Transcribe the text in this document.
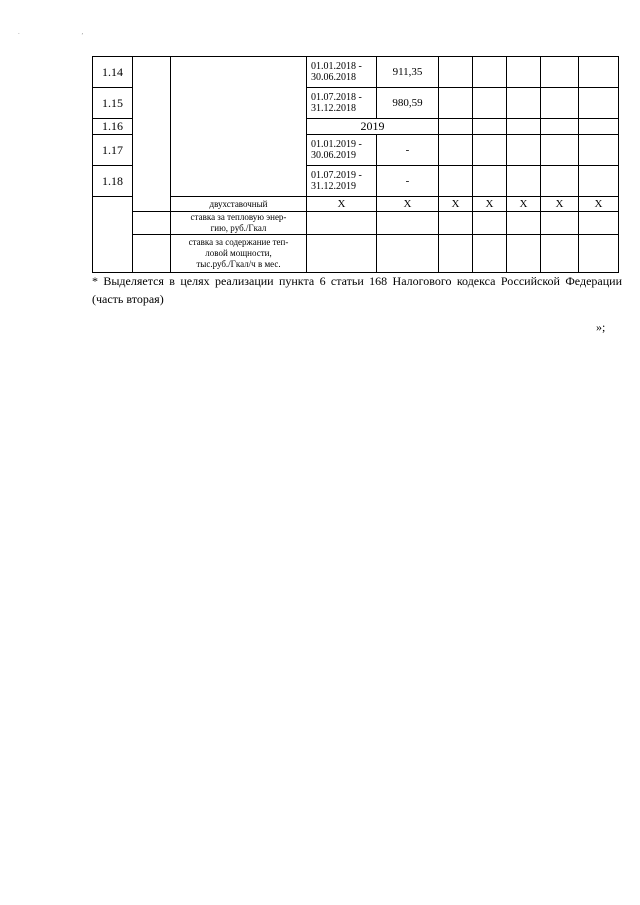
. ,
1.14			01.01.2018 -
30.06.2018	911,35					
1.15			01.07.2018 -
31.12.2018	980,59					
1.16			2019						
1.17			01.01.2019 -
30.06.2019	-					
1.18			01.07.2019 -
31.12.2019	-					
		двухставочный	X	X	X	X	X	X	X

		ставка за тепловую энер-
гию, руб./Гкал							

		ставка за содержание теп-
ловой мощности,
тыс.руб./Гкал/ч в мес.							

* Выделяется в целях реализации пункта 6 статьи 168 Налогового кодекса Российской Федерации (часть вторая)
»;
